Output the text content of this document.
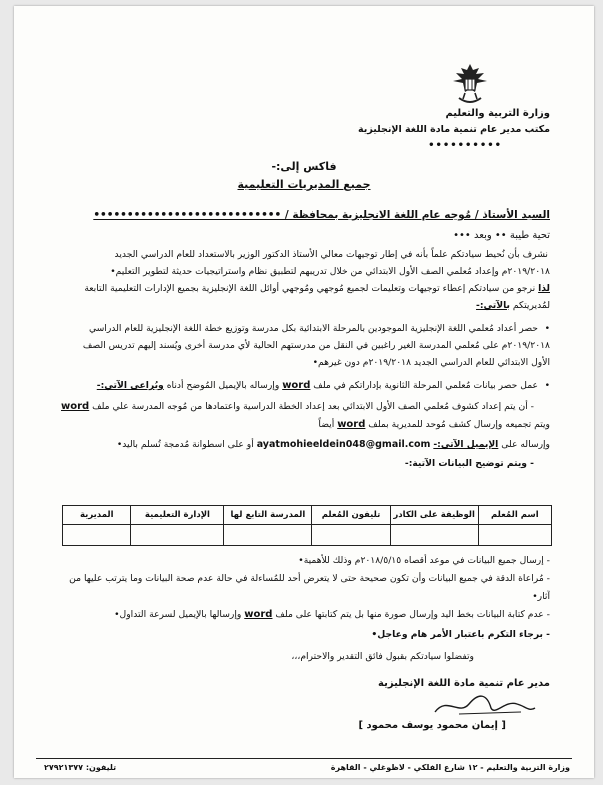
وزارة التربية والتعليم
مكتب مدير عام تنمية مادة اللغة الإنجليزية
••••••••••
فاكس إلى:-
جميع المديريات التعليمية
السيد الأستاذ / مُوجه عام اللغة الانجليزية بمحافظة / ••••••••••••••••••••••••••••
تحية طيبة •• وبعد •••
نشرف بأن نُحيط سيادتكم علماً بأنه في إطار توجيهات معالي الأستاذ الدكتور الوزير بالاستعداد للعام الدراسي الجديد
٢٠١٩/٢٠١٨م وإعداد مُعلمي الصف الأول الابتدائي من خلال تدريبهم لتطبيق نظام واستراتيجيات حديثة لتطوير التعليم•
لذا نرجو من سيادتكم إعطاء توجيهات وتعليمات لجميع مُوجهي ومُوجهي أوائل اللغة الإنجليزية بجميع الإدارات التعليمية التابعة
لمُديريتكم بالآتي:-
• حصر أعداد مُعلمي اللغة الإنجليزية الموجودين بالمرحلة الابتدائية بكل مدرسة وتوزيع خطة اللغة الإنجليزية للعام الدراسي
٢٠١٩/٢٠١٨م على مُعلمي المدرسة الغير راغبين في النقل من مدرستهم الحالية لأي مدرسة أخرى ويُسند إليهم تدريس الصف
الأول الابتدائي للعام الدراسي الجديد ٢٠١٩/٢٠١٨م دون غيرهم•
• عمل حصر بيانات مُعلمي المرحلة الثانوية بإداراتكم في ملف word وإرساله بالإيميل المُوضح أدناه ويُراعى الآتي:-
- أن يتم إعداد كشوف مُعلمي الصف الأول الابتدائي بعد إعداد الخطة الدراسية واعتمادها من مُوجه المدرسة علي ملف word
ويتم تجميعه وإرسال كشف مُوحد للمديرية بملف word أيضاً
وإرساله على الإيميل الآتي:- ayatmohieeldein048@gmail.com أو على اسطوانة مُدمجة تُسلم باليد•
- ويتم توضيح البيانات الآتية:-
اسم المُعلم	الوظيفة على الكادر	تليفون المُعلم	المدرسة التابع لها	الإدارة التعليمية	المديرية

- إرسال جميع البيانات في موعد أقصاه ٢٠١٨/٥/١٥م وذلك للأهمية•
- مُراعاة الدقة في جميع البيانات وأن تكون صحيحة حتى لا يتعرض أحد للمُساءلة في حالة عدم صحة البيانات وما يترتب عليها من
آثار•
- عدم كتابة البيانات بخط اليد وإرسال صورة منها بل يتم كتابتها على ملف word وإرسالها بالإيميل لسرعة التداول•
- برجاء التكرم باعتبار الأمر هام وعاجل•
وتفضلوا سيادتكم بقبول فائق التقدير والاحترام،،،
مدير عام تنمية مادة اللغة الإنجليزية
[ إيمان محمود يوسف محمود ]
وزارة التربية والتعليم - ١٢ شارع الفلكي - لاظوغلي - القاهرة
تليفون: ٢٧٩٢١٣٧٧
